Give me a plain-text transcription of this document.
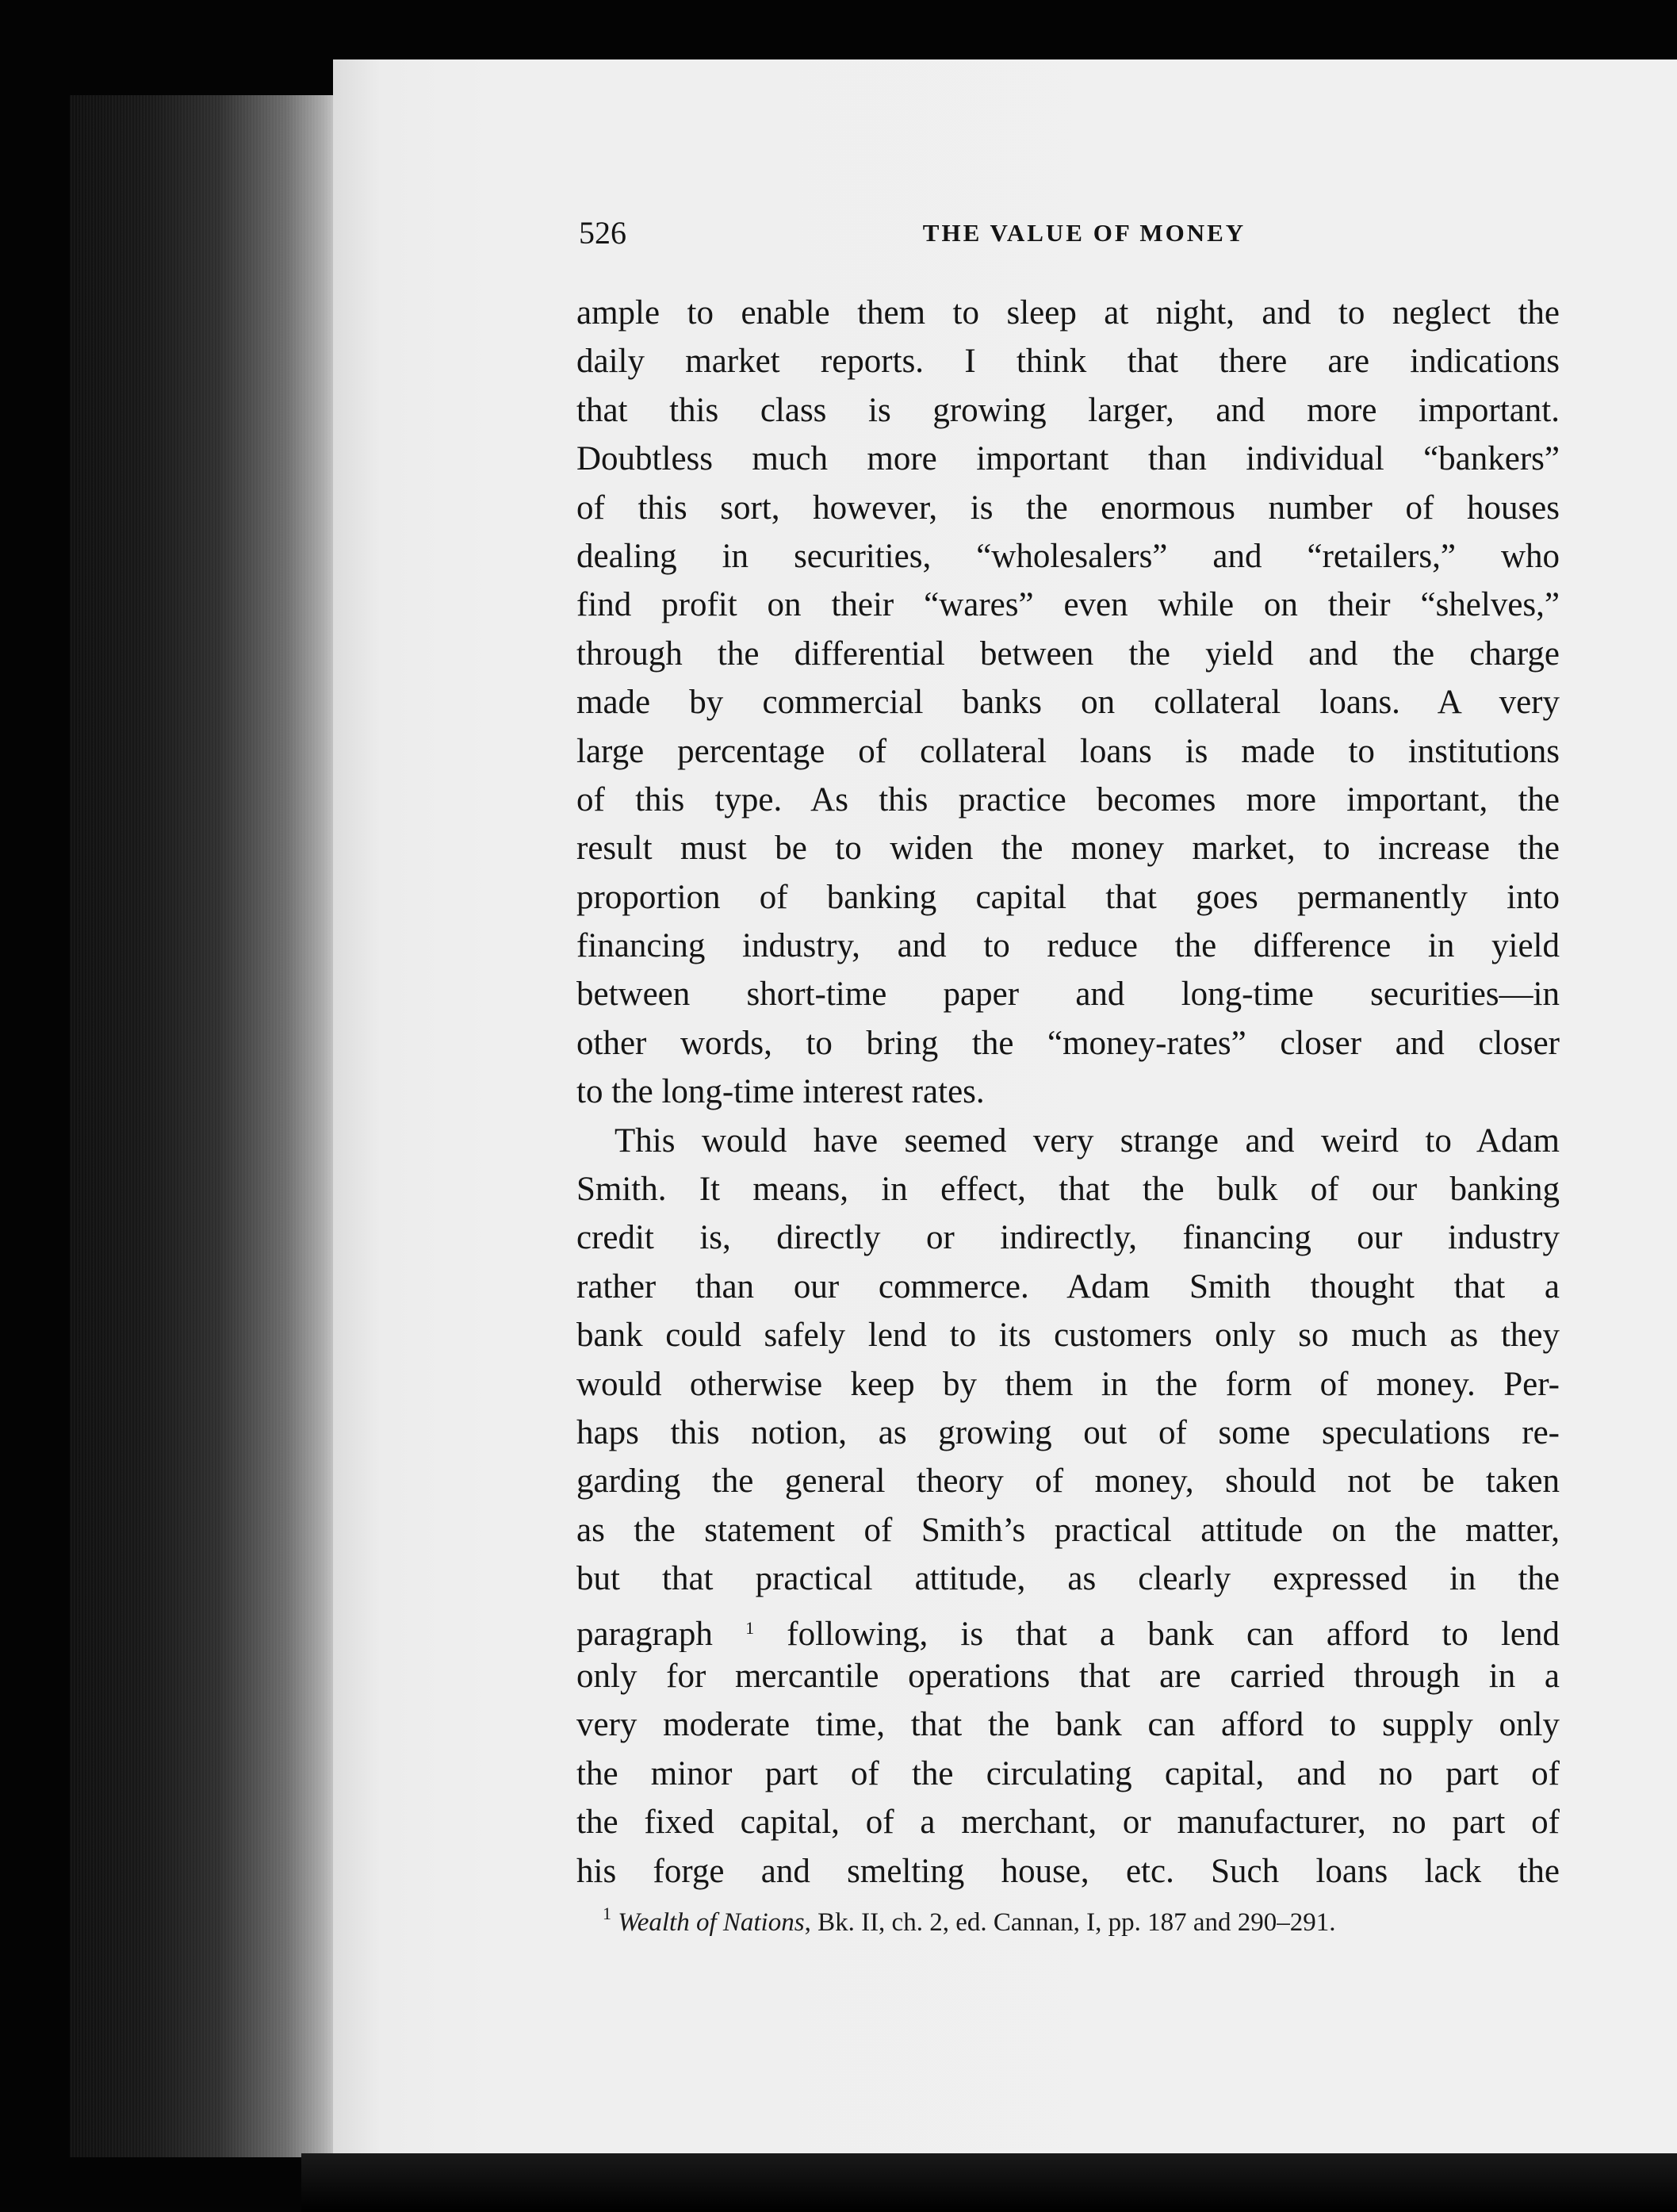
526	THE VALUE OF MONEY
ample to enable them to sleep at night, and to neglect the
daily market reports. I think that there are indications
that this class is growing larger, and more important.
Doubtless much more important than individual “bankers”
of this sort, however, is the enormous number of houses
dealing in securities, “wholesalers” and “retailers,” who
find profit on their “wares” even while on their “shelves,”
through the differential between the yield and the charge
made by commercial banks on collateral loans. A very
large percentage of collateral loans is made to institutions
of this type. As this practice becomes more important, the
result must be to widen the money market, to increase the
proportion of banking capital that goes permanently into
financing industry, and to reduce the difference in yield
between short-time paper and long-time securities—in
other words, to bring the “money-rates” closer and closer
to the long-time interest rates.
This would have seemed very strange and weird to Adam
Smith. It means, in effect, that the bulk of our banking
credit is, directly or indirectly, financing our industry
rather than our commerce. Adam Smith thought that a
bank could safely lend to its customers only so much as they
would otherwise keep by them in the form of money. Per-
haps this notion, as growing out of some speculations re-
garding the general theory of money, should not be taken
as the statement of Smith’s practical attitude on the matter,
but that practical attitude, as clearly expressed in the
paragraph $^1$ following, is that a bank can afford to lend
only for mercantile operations that are carried through in a
very moderate time, that the bank can afford to supply only
the minor part of the circulating capital, and no part of
the fixed capital, of a merchant, or manufacturer, no part of
his forge and smelting house, etc. Such loans lack the
$^1$ Wealth of Nations, Bk. II, ch. 2, ed. Cannan, I, pp. 187 and 290–291.
